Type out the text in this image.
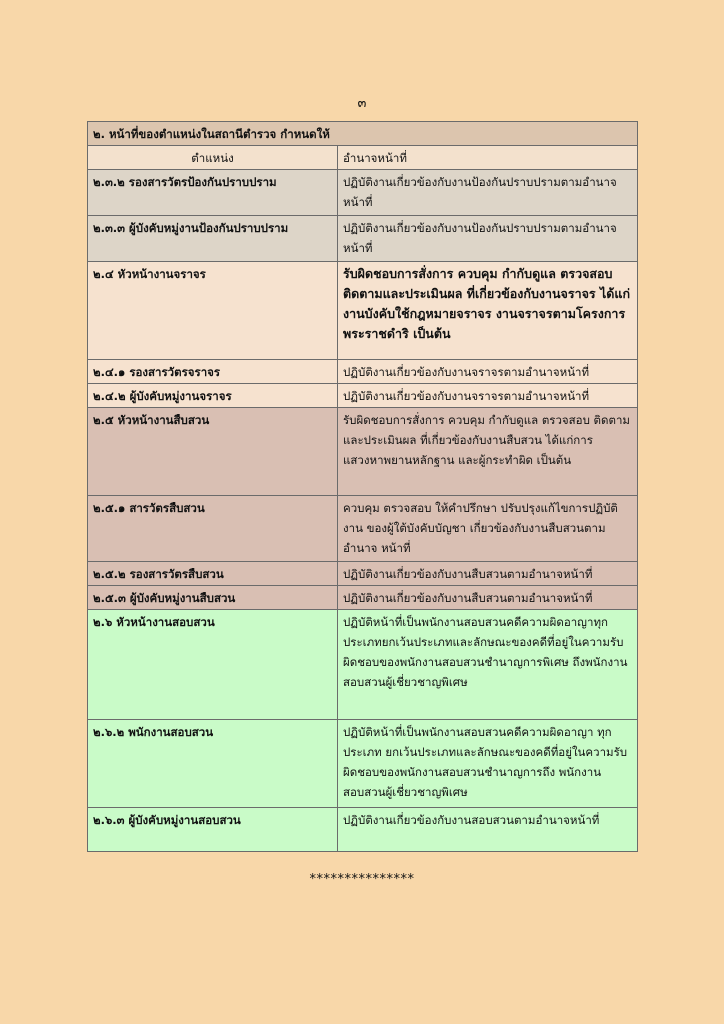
๓
๒. หน้าที่ของตำแหน่งในสถานีตำรวจ กำหนดให้	
ตำแหน่ง	อำนาจหน้าที่
๒.๓.๒ รองสารวัตรป้องกันปราบปราม	ปฏิบัติงานเกี่ยวข้องกับงานป้องกันปราบปรามตามอำนาจหน้าที่
๒.๓.๓ ผู้บังคับหมู่งานป้องกันปราบปราม	ปฏิบัติงานเกี่ยวข้องกับงานป้องกันปราบปรามตามอำนาจหน้าที่
๒.๔ หัวหน้างานจราจร	รับผิดชอบการสั่งการ ควบคุม กำกับดูแล ตรวจสอบ ติดตามและประเมินผล ที่เกี่ยวข้องกับงานจราจร ได้แก่งานบังคับใช้กฎหมายจราจร งานจราจรตามโครงการพระราชดำริ เป็นต้น
๒.๔.๑ รองสารวัตรจราจร	ปฏิบัติงานเกี่ยวข้องกับงานจราจรตามอำนาจหน้าที่
๒.๔.๒ ผู้บังคับหมู่งานจราจร	ปฏิบัติงานเกี่ยวข้องกับงานจราจรตามอำนาจหน้าที่
๒.๕ หัวหน้างานสืบสวน	รับผิดชอบการสั่งการ ควบคุม กำกับดูแล ตรวจสอบ ติดตามและประเมินผล ที่เกี่ยวข้องกับงานสืบสวน ได้แก่การ แสวงหาพยานหลักฐาน และผู้กระทำผิด เป็นต้น
๒.๕.๑ สารวัตรสืบสวน	ควบคุม ตรวจสอบ ให้คำปรึกษา ปรับปรุงแก้ไขการปฏิบัติงาน ของผู้ใต้บังคับบัญชา เกี่ยวข้องกับงานสืบสวนตามอำนาจ หน้าที่
๒.๕.๒ รองสารวัตรสืบสวน	ปฏิบัติงานเกี่ยวข้องกับงานสืบสวนตามอำนาจหน้าที่
๒.๕.๓ ผู้บังคับหมู่งานสืบสวน	ปฏิบัติงานเกี่ยวข้องกับงานสืบสวนตามอำนาจหน้าที่
๒.๖ หัวหน้างานสอบสวน	ปฏิบัติหน้าที่เป็นพนักงานสอบสวนคดีความผิดอาญาทุกประเภทยกเว้นประเภทและลักษณะของคดีที่อยู่ในความรับผิดชอบของพนักงานสอบสวนชำนาญการพิเศษ ถึงพนักงานสอบสวนผู้เชี่ยวชาญพิเศษ
๒.๖.๒ พนักงานสอบสวน	ปฏิบัติหน้าที่เป็นพนักงานสอบสวนคดีความผิดอาญา ทุกประเภท ยกเว้นประเภทและลักษณะของคดีที่อยู่ในความรับผิดชอบของพนักงานสอบสวนชำนาญการถึง พนักงานสอบสวนผู้เชี่ยวชาญพิเศษ
๒.๖.๓ ผู้บังคับหมู่งานสอบสวน	ปฏิบัติงานเกี่ยวข้องกับงานสอบสวนตามอำนาจหน้าที่
***************
